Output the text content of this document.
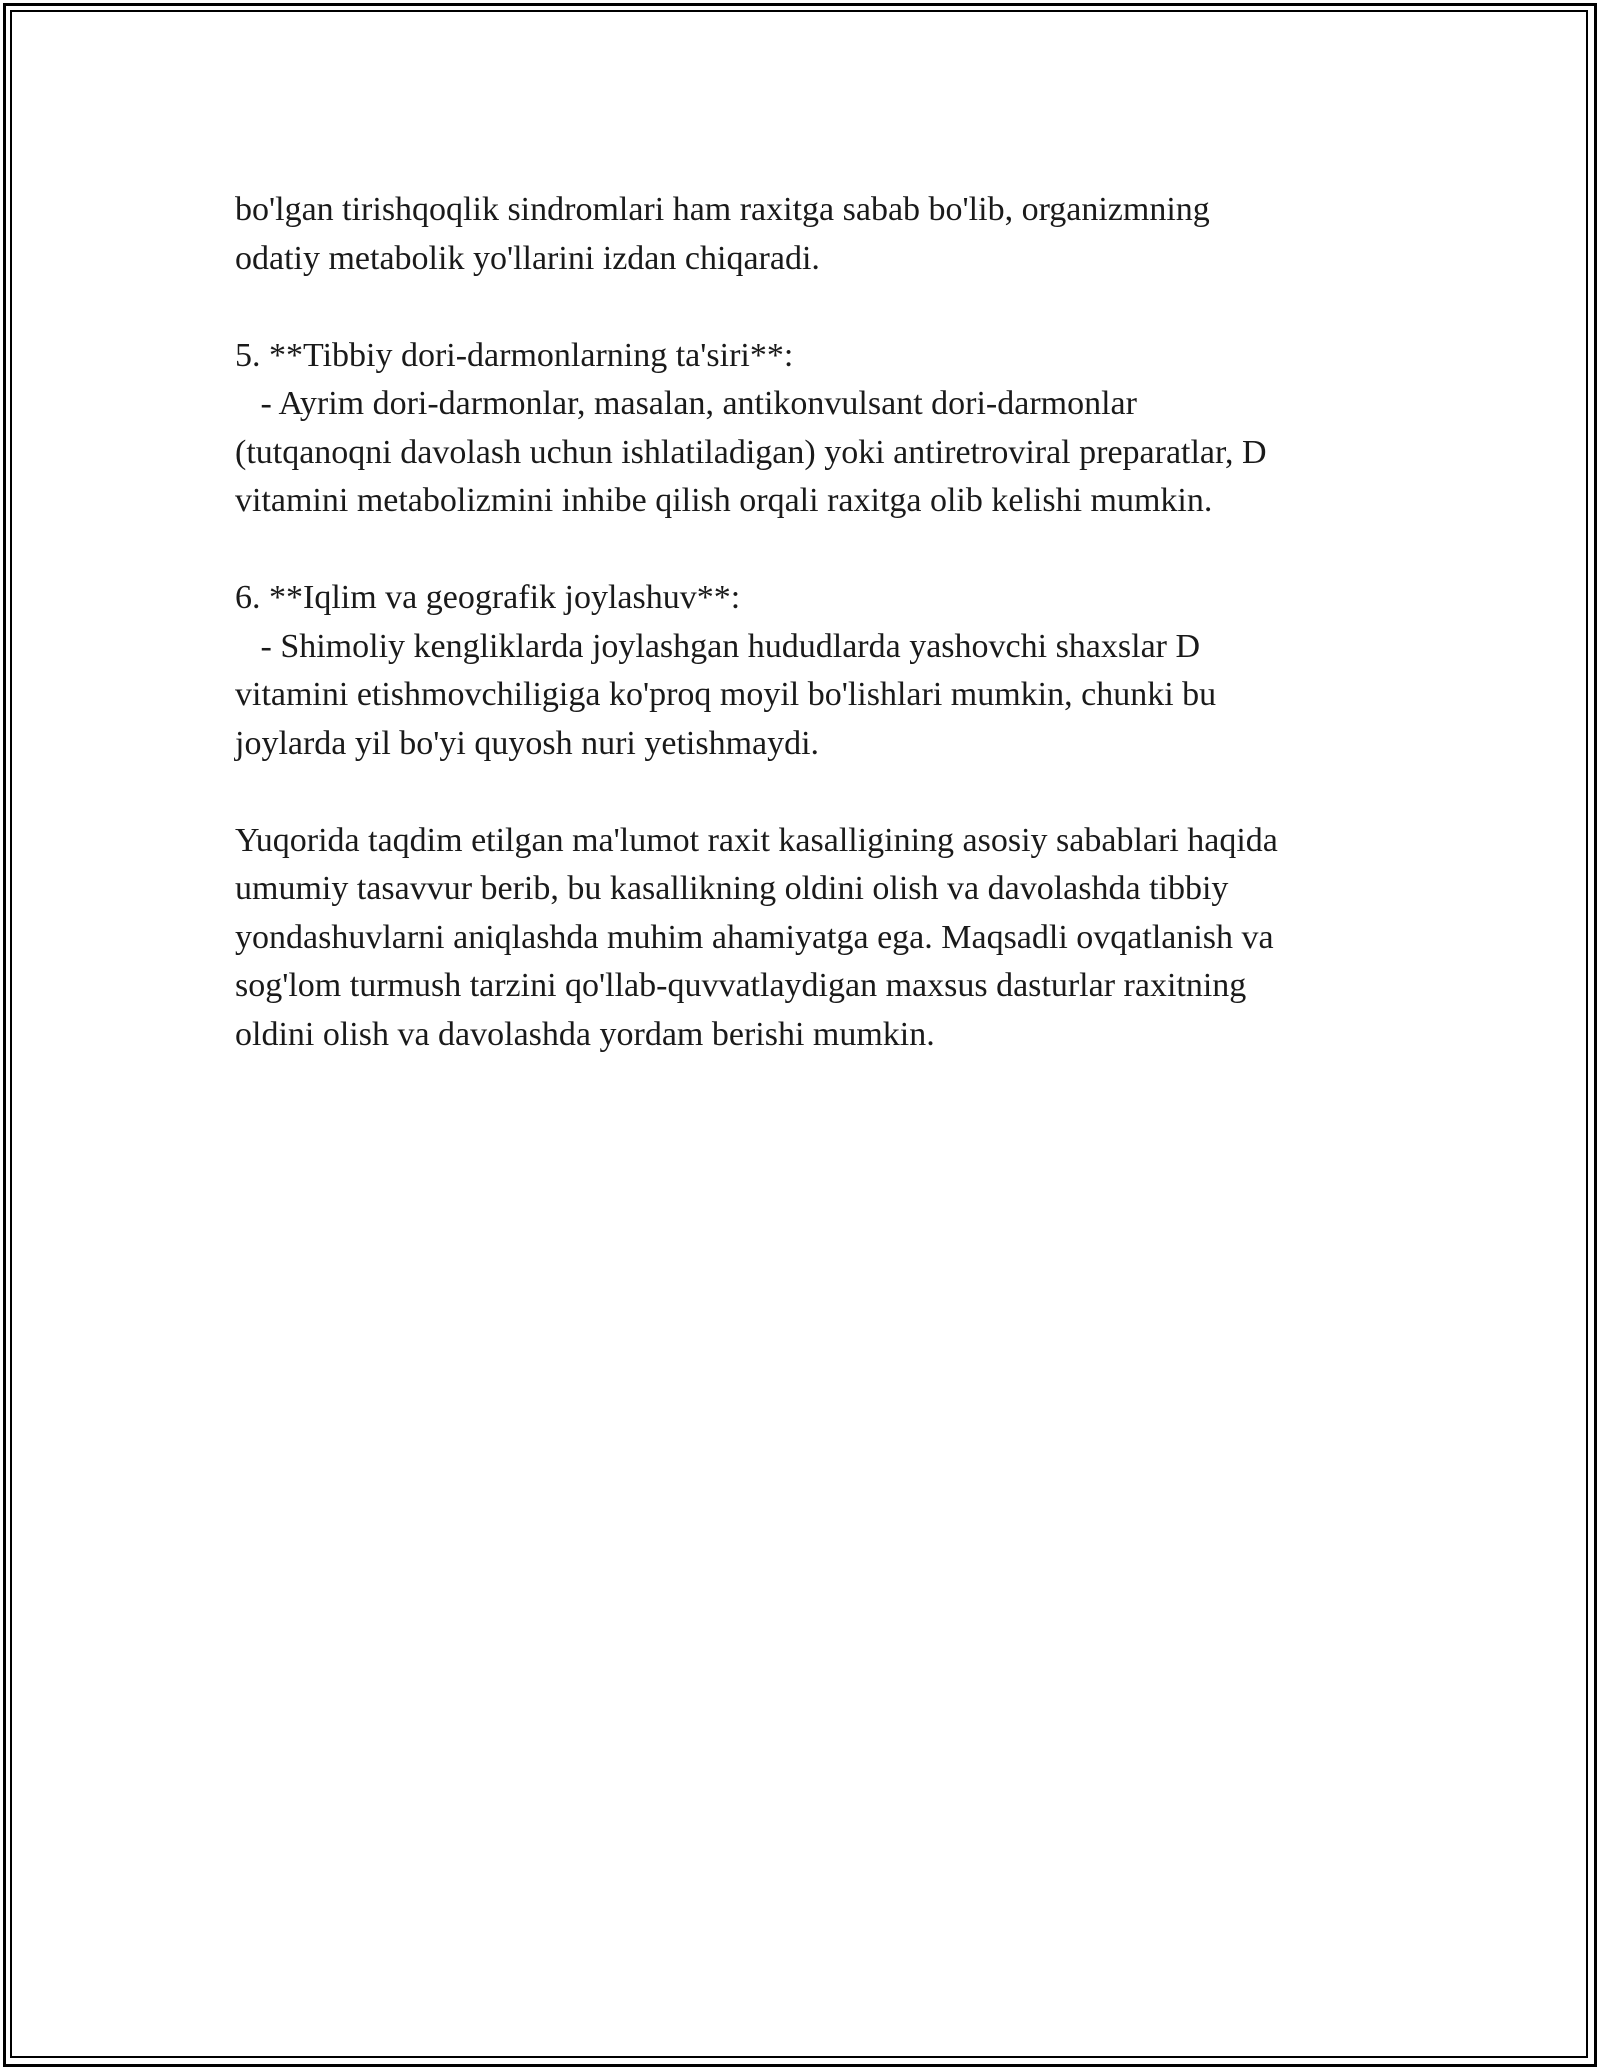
bo'lgan tirishqoqlik sindromlari ham raxitga sabab bo'lib, organizmning
odatiy metabolik yo'llarini izdan chiqaradi.
5. **Tibbiy dori-darmonlarning ta'siri**:
- Ayrim dori-darmonlar, masalan, antikonvulsant dori-darmonlar
(tutqanoqni davolash uchun ishlatiladigan) yoki antiretroviral preparatlar, D
vitamini metabolizmini inhibe qilish orqali raxitga olib kelishi mumkin.
6. **Iqlim va geografik joylashuv**:
- Shimoliy kengliklarda joylashgan hududlarda yashovchi shaxslar D
vitamini etishmovchiligiga ko'proq moyil bo'lishlari mumkin, chunki bu
joylarda yil bo'yi quyosh nuri yetishmaydi.
Yuqorida taqdim etilgan ma'lumot raxit kasalligining asosiy sabablari haqida
umumiy tasavvur berib, bu kasallikning oldini olish va davolashda tibbiy
yondashuvlarni aniqlashda muhim ahamiyatga ega. Maqsadli ovqatlanish va
sog'lom turmush tarzini qo'llab-quvvatlaydigan maxsus dasturlar raxitning
oldini olish va davolashda yordam berishi mumkin.
